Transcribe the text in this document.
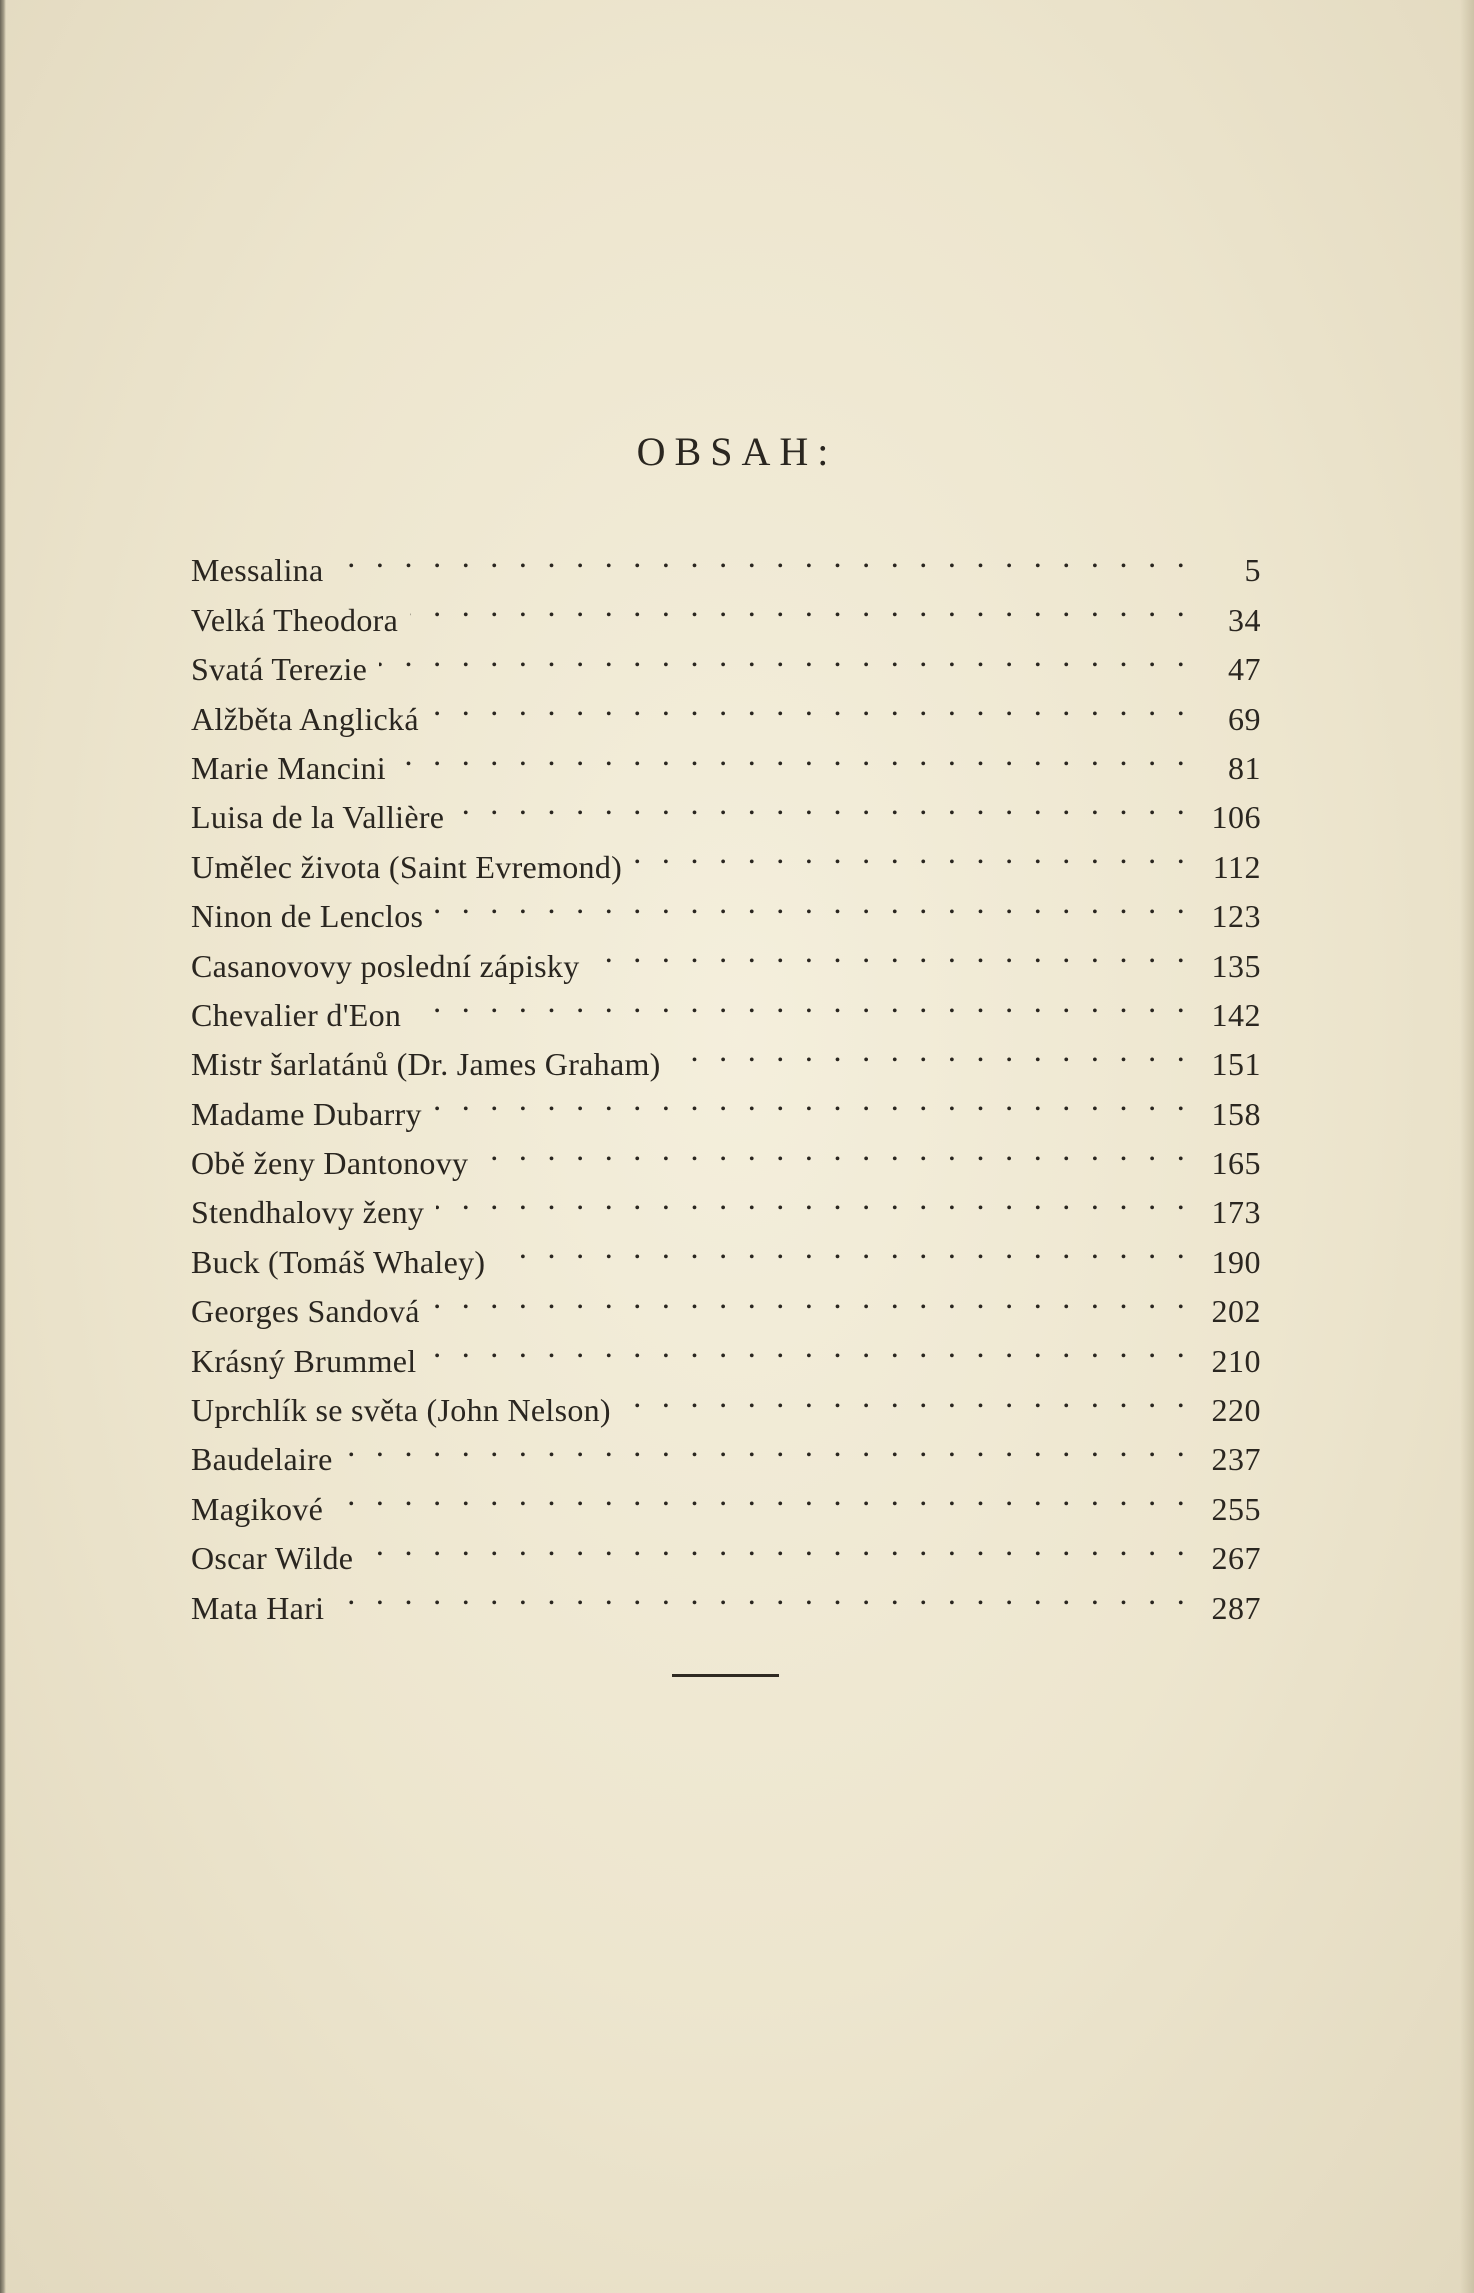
OBSAH:
Messalina . . .	5
Velká Theodora . . .	34
Svatá Terezie . . .	47
Alžběta Anglická . . .	69
Marie Mancini . . .	81
Luisa de la Vallière . . .	106
Umělec života (Saint Evremond) . . .	112
Ninon de Lenclos . . .	123
Casanovovy poslední zápisky . . .	135
Chevalier d'Eon . . .	142
Mistr šarlatánů (Dr. James Graham) . . .	151
Madame Dubarry . . .	158
Obě ženy Dantonovy . . .	165
Stendhalovy ženy . . .	173
Buck (Tomáš Whaley) . . .	190
Georges Sandová . . .	202
Krásný Brummel . . .	210
Uprchlík se světa (John Nelson) . . .	220
Baudelaire . . .	237
Magikové . . .	255
Oscar Wilde . . .	267
Mata Hari . . .	287
